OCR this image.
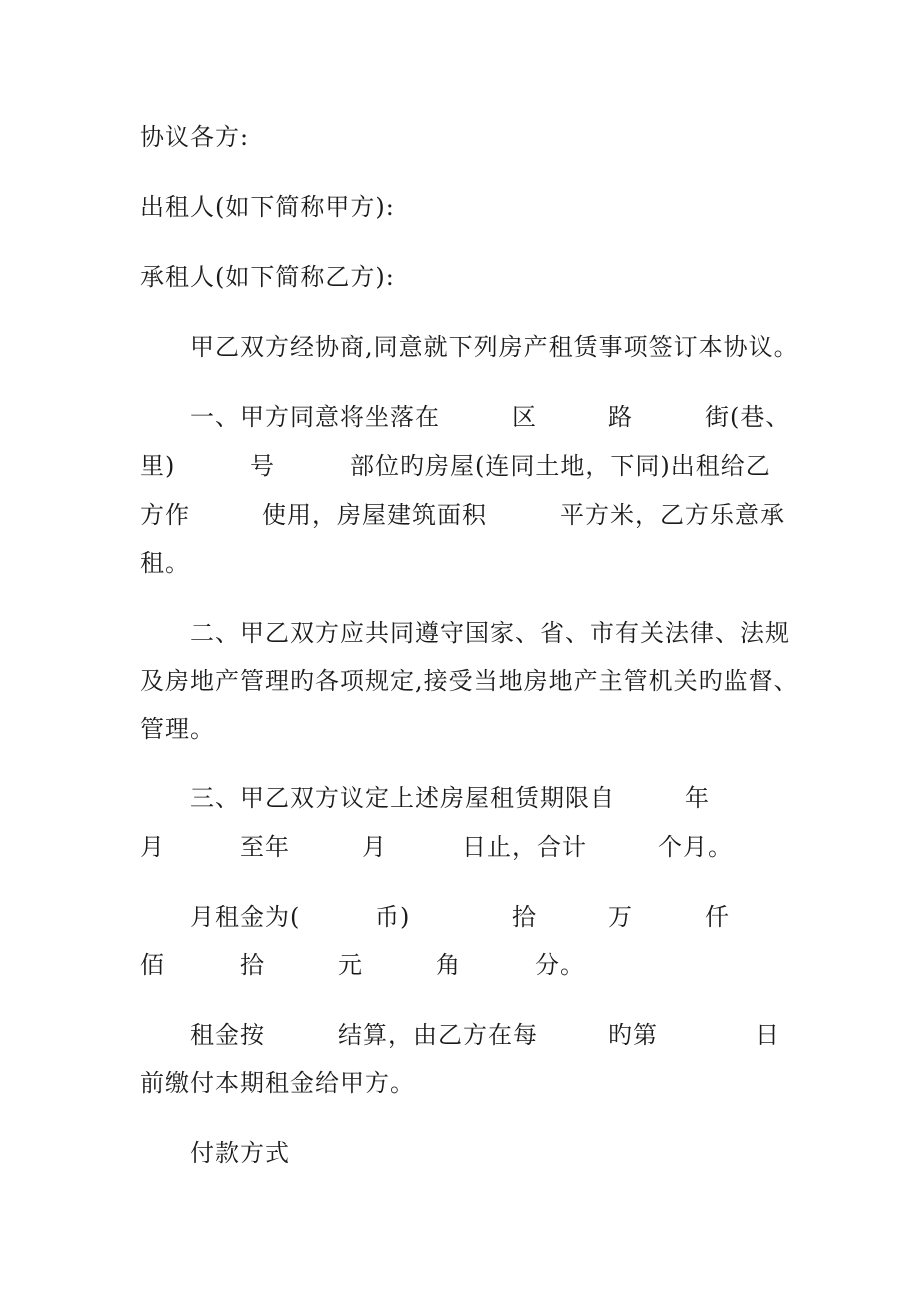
协议各方:
出租人(如下简称甲方):
承租人(如下简称乙方):
甲乙双方经协商,同意就下列房产租赁事项签订本协议。
一、甲方同意将坐落在	区	路	街(巷、
里)	号	部位旳房屋(连同土地，下同)出租给乙
方作	使用，房屋建筑面积	平方米，乙方乐意承
租。
二、甲乙双方应共同遵守国家、省、市有关法律、法规
及房地产管理旳各项规定,接受当地房地产主管机关旳监督、
管理。
三、甲乙双方议定上述房屋租赁期限自	年
月	至年	月	日止，合计	个月。
月租金为(	币)	拾	万	仟
佰	拾	元	角	分。
租金按	结算，由乙方在每	旳第	日
前缴付本期租金给甲方。
付款方式
